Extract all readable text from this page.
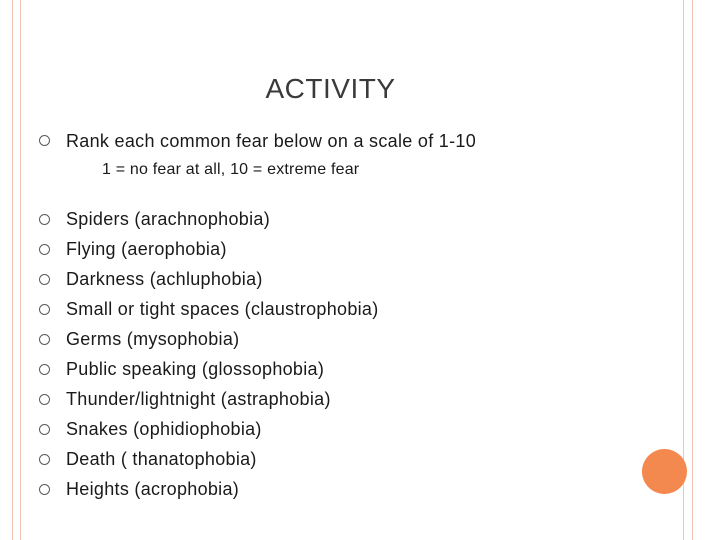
ACTIVITY
Rank each common fear below on a scale of 1-10
1 = no fear at all, 10 = extreme fear
Spiders (arachnophobia)
Flying (aerophobia)
Darkness (achluphobia)
Small or tight spaces (claustrophobia)
Germs (mysophobia)
Public speaking (glossophobia)
Thunder/lightnight (astraphobia)
Snakes (ophidiophobia)
Death ( thanatophobia)
Heights (acrophobia)
